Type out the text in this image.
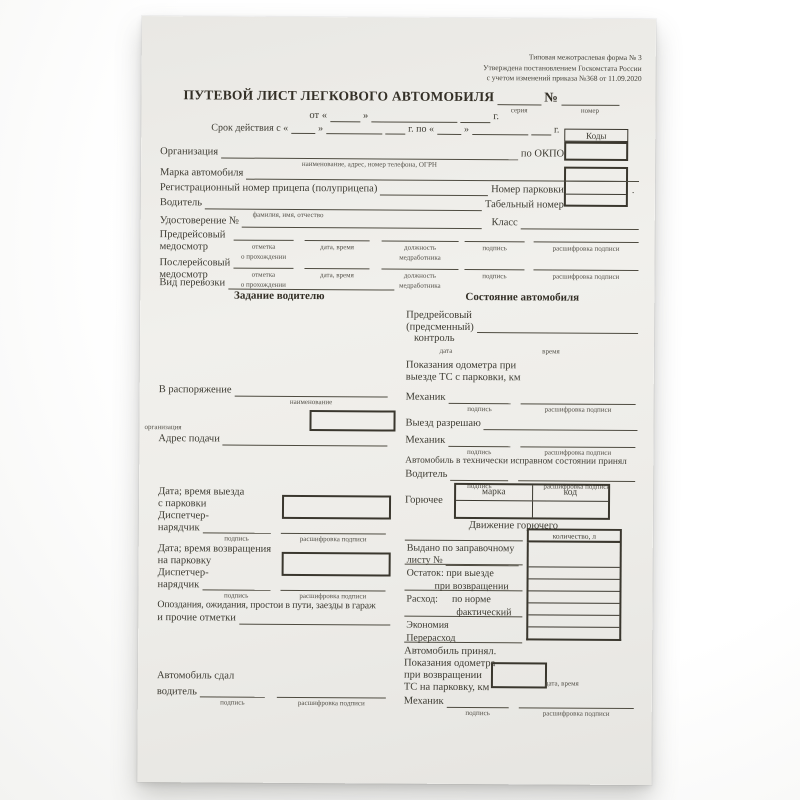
Типовая межотраслевая форма № 3
Утверждена постановлением Госкомстата России
с учетом изменений приказа №368 от 11.09.2020
ПУТЕВОЙ ЛИСТ ЛЕГКОВОГО АВТОМОБИЛЯ
серия
№
номер
от «	»	г.
Срок действия с «	»	г. по «	»	г.
Коды
.
Организация
наименование, адрес, номер телефона, ОГРН
по ОКПО
Марка автомобиля
Регистрационный номер прицепа (полуприцепа)	Номер парковки
Водитель
фамилия, имя, отчество
Табельный номер
Удостоверение №	Класс
Предрейсовый
медосмотр	отметка
о прохождении
дата, время	должность
медработника
подпись	расшифровка подписи
Послерейсовый
медосмотр	отметка
о прохождении
дата, время	должность
медработника
подпись	расшифровка подписи
Вид перевозки
Задание водителю	Состояние автомобиля
В распоряжение
наименование
организация
Адрес подачи
Дата; время выезда
с парковки
Диспетчер-
нарядчик
подпись	расшифровка подписи
Дата; время возвращения
на парковку
Диспетчер-
нарядчик
подпись	расшифровка подписи
Опоздания, ожидания, простои в пути, заезды в гараж
и прочие отметки
Автомобиль сдал
водитель
подпись	расшифровка подписи
Предрейсовый
(предсменный)
контроль
дата	время
Показания одометра при
выезде ТС с парковки, км
Механик
подпись	расшифровка подписи
Выезд разрешаю
Механик
подпись	расшифровка подписи
Автомобиль в технически исправном состоянии принял
Водитель
подпись	расшифровка подписи
Горючее
марка	код
Движение горючего
количество, л
Выдано по заправочному
листу №
Остаток: при выезде
при возвращении
Расход: по норме
фактический
Экономия
Перерасход
Автомобиль принял.
Показания одометра
при возвращении
ТС на парковку, км	дата, время
Механик
подпись	расшифровка подписи
